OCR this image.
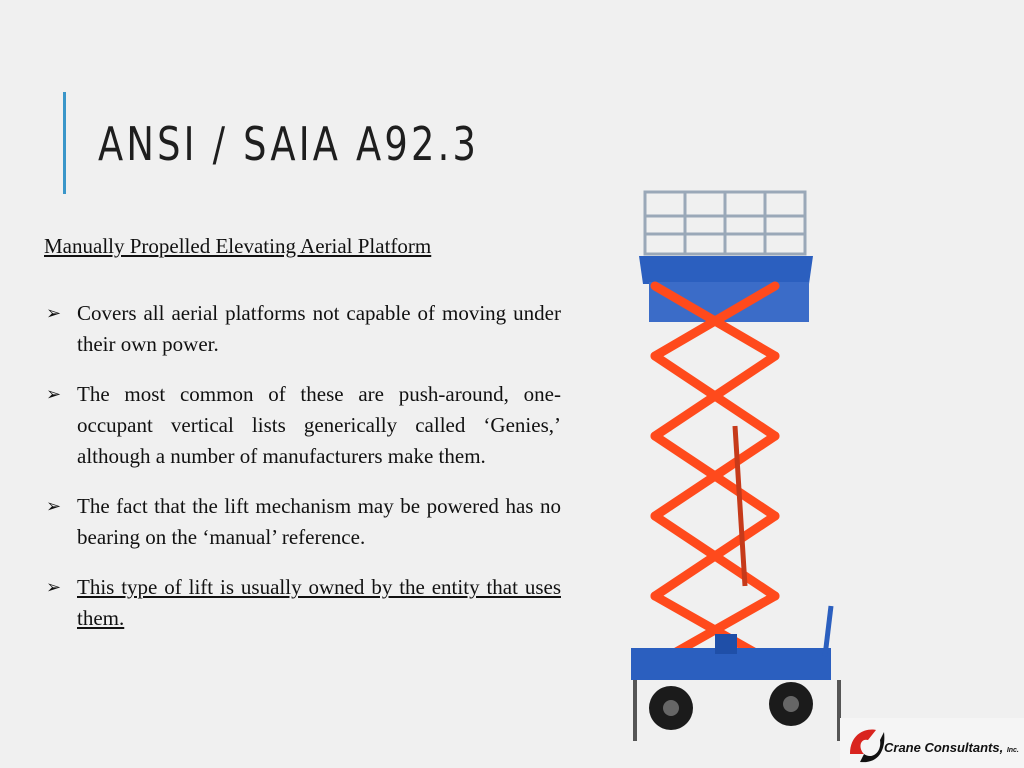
ANSI / SAIA A92.3

Manually Propelled Elevating Aerial Platform

➢ Covers all aerial platforms not capable of moving under their own power.
➢ The most common of these are push-around, one-occupant vertical lists generically called ‘Genies,’ although a number of manufacturers make them.
➢ The fact that the lift mechanism may be powered has no bearing on the ‘manual’ reference.
➢ This type of lift is usually owned by the entity that uses them.
Crane Consultants, Inc.
